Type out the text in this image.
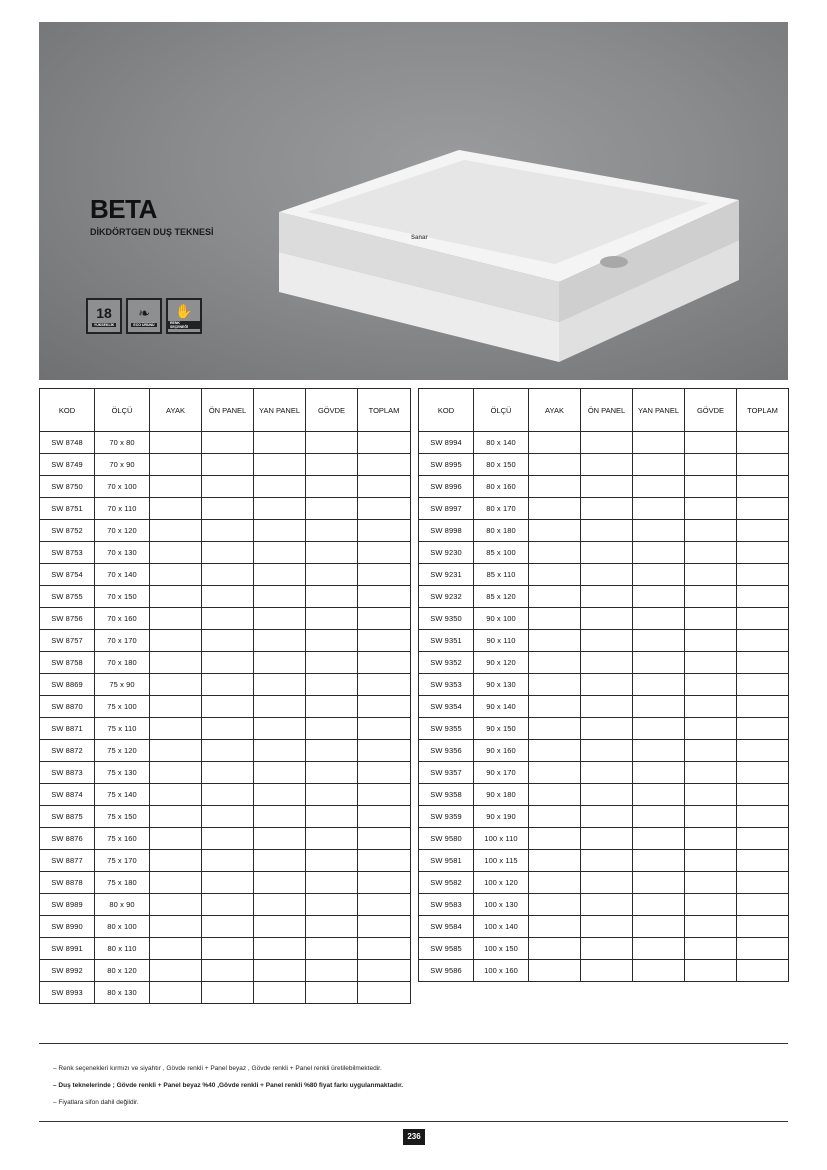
Sanar
BETA
DİKDÖRTGEN DUŞ TEKNESİ
18
YÜKSEKLİK
❧
ECO ÜRÜNÜ
✋
RENK SEÇENEĞİ
KOD	ÖLÇÜ	AYAK	ÖN PANEL	YAN PANEL	GÖVDE	TOPLAM
SW 8748	70 x 80					
SW 8749	70 x 90					
SW 8750	70 x 100					
SW 8751	70 x 110					
SW 8752	70 x 120					
SW 8753	70 x 130					
SW 8754	70 x 140					
SW 8755	70 x 150					
SW 8756	70 x 160					
SW 8757	70 x 170					
SW 8758	70 x 180					
SW 8869	75 x 90					
SW 8870	75 x 100					
SW 8871	75 x 110					
SW 8872	75 x 120					
SW 8873	75 x 130					
SW 8874	75 x 140					
SW 8875	75 x 150					
SW 8876	75 x 160					
SW 8877	75 x 170					
SW 8878	75 x 180					
SW 8989	80 x 90					
SW 8990	80 x 100					
SW 8991	80 x 110					
SW 8992	80 x 120					
SW 8993	80 x 130					
KOD	ÖLÇÜ	AYAK	ÖN PANEL	YAN PANEL	GÖVDE	TOPLAM
SW 8994	80 x 140					
SW 8995	80 x 150					
SW 8996	80 x 160					
SW 8997	80 x 170					
SW 8998	80 x 180					
SW 9230	85 x 100					
SW 9231	85 x 110					
SW 9232	85 x 120					
SW 9350	90 x 100					
SW 9351	90 x 110					
SW 9352	90 x 120					
SW 9353	90 x 130					
SW 9354	90 x 140					
SW 9355	90 x 150					
SW 9356	90 x 160					
SW 9357	90 x 170					
SW 9358	90 x 180					
SW 9359	90 x 190					
SW 9580	100 x 110					
SW 9581	100 x 115					
SW 9582	100 x 120					
SW 9583	100 x 130					
SW 9584	100 x 140					
SW 9585	100 x 150					
SW 9586	100 x 160					
– Renk seçenekleri kırmızı ve siyahtır , Gövde renkli + Panel beyaz , Gövde renkli + Panel renkli üretilebilmektedir.
– Duş teknelerinde ; Gövde renkli + Panel beyaz %40 ,Gövde renkli + Panel renkli %80 fiyat farkı uygulanmaktadır.
– Fiyatlara sifon dahil değildir.
236
